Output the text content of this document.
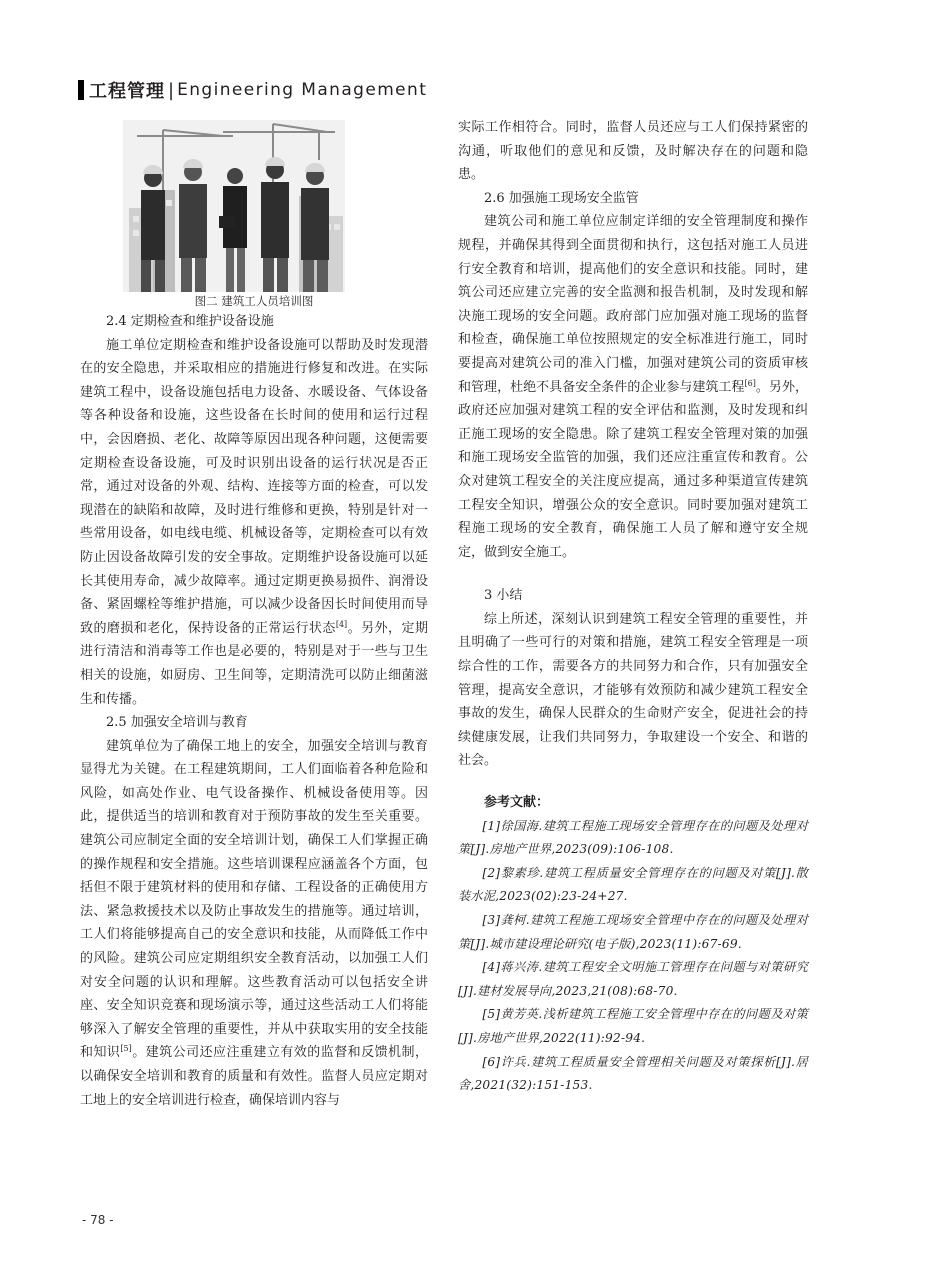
工程管理 | Engineering Management
图二 建筑工人员培训图
2.4 定期检查和维护设备设施

施工单位定期检查和维护设备设施可以帮助及时发现潜在的安全隐患，并采取相应的措施进行修复和改进。在实际建筑工程中，设备设施包括电力设备、水暖设备、气体设备等各种设备和设施，这些设备在长时间的使用和运行过程中，会因磨损、老化、故障等原因出现各种问题，这便需要定期检查设备设施，可及时识别出设备的运行状况是否正常，通过对设备的外观、结构、连接等方面的检查，可以发现潜在的缺陷和故障，及时进行维修和更换，特别是针对一些常用设备，如电线电缆、机械设备等，定期检查可以有效防止因设备故障引发的安全事故。定期维护设备设施可以延长其使用寿命，减少故障率。通过定期更换易损件、润滑设备、紧固螺栓等维护措施，可以减少设备因长时间使用而导致的磨损和老化，保持设备的正常运行状态[4]。另外，定期进行清洁和消毒等工作也是必要的，特别是对于一些与卫生相关的设施，如厨房、卫生间等，定期清洗可以防止细菌滋生和传播。

2.5 加强安全培训与教育

建筑单位为了确保工地上的安全，加强安全培训与教育显得尤为关键。在工程建筑期间，工人们面临着各种危险和风险，如高处作业、电气设备操作、机械设备使用等。因此，提供适当的培训和教育对于预防事故的发生至关重要。建筑公司应制定全面的安全培训计划，确保工人们掌握正确的操作规程和安全措施。这些培训课程应涵盖各个方面，包括但不限于建筑材料的使用和存储、工程设备的正确使用方法、紧急救援技术以及防止事故发生的措施等。通过培训，工人们将能够提高自己的安全意识和技能，从而降低工作中的风险。建筑公司应定期组织安全教育活动，以加强工人们对安全问题的认识和理解。这些教育活动可以包括安全讲座、安全知识竞赛和现场演示等，通过这些活动工人们将能够深入了解安全管理的重要性，并从中获取实用的安全技能和知识[5]。建筑公司还应注重建立有效的监督和反馈机制，以确保安全培训和教育的质量和有效性。监督人员应定期对工地上的安全培训进行检查，确保培训内容与

实际工作相符合。同时，监督人员还应与工人们保持紧密的沟通，听取他们的意见和反馈，及时解决存在的问题和隐患。

2.6 加强施工现场安全监管

建筑公司和施工单位应制定详细的安全管理制度和操作规程，并确保其得到全面贯彻和执行，这包括对施工人员进行安全教育和培训，提高他们的安全意识和技能。同时，建筑公司还应建立完善的安全监测和报告机制，及时发现和解决施工现场的安全问题。政府部门应加强对施工现场的监督和检查，确保施工单位按照规定的安全标准进行施工，同时要提高对建筑公司的准入门槛，加强对建筑公司的资质审核和管理，杜绝不具备安全条件的企业参与建筑工程[6]。另外，政府还应加强对建筑工程的安全评估和监测，及时发现和纠正施工现场的安全隐患。除了建筑工程安全管理对策的加强和施工现场安全监管的加强，我们还应注重宣传和教育。公众对建筑工程安全的关注度应提高，通过多种渠道宣传建筑工程安全知识，增强公众的安全意识。同时要加强对建筑工程施工现场的安全教育，确保施工人员了解和遵守安全规定，做到安全施工。

3 小结

综上所述，深刻认识到建筑工程安全管理的重要性，并且明确了一些可行的对策和措施，建筑工程安全管理是一项综合性的工作，需要各方的共同努力和合作，只有加强安全管理，提高安全意识，才能够有效预防和减少建筑工程安全事故的发生，确保人民群众的生命财产安全，促进社会的持续健康发展，让我们共同努力，争取建设一个安全、和谐的社会。

参考文献：

[1]徐国海.建筑工程施工现场安全管理存在的问题及处理对策[J].房地产世界,2023(09):106-108.

[2]黎素珍.建筑工程质量安全管理存在的问题及对策[J].散装水泥,2023(02):23-24+27.

[3]龚柯.建筑工程施工现场安全管理中存在的问题及处理对策[J].城市建设理论研究(电子版),2023(11):67-69.

[4]蒋兴涛.建筑工程安全文明施工管理存在问题与对策研究[J].建材发展导向,2023,21(08):68-70.

[5]黄芳英.浅析建筑工程施工安全管理中存在的问题及对策[J].房地产世界,2022(11):92-94.

[6]许兵.建筑工程质量安全管理相关问题及对策探析[J].居舍,2021(32):151-153.

- 78 -
